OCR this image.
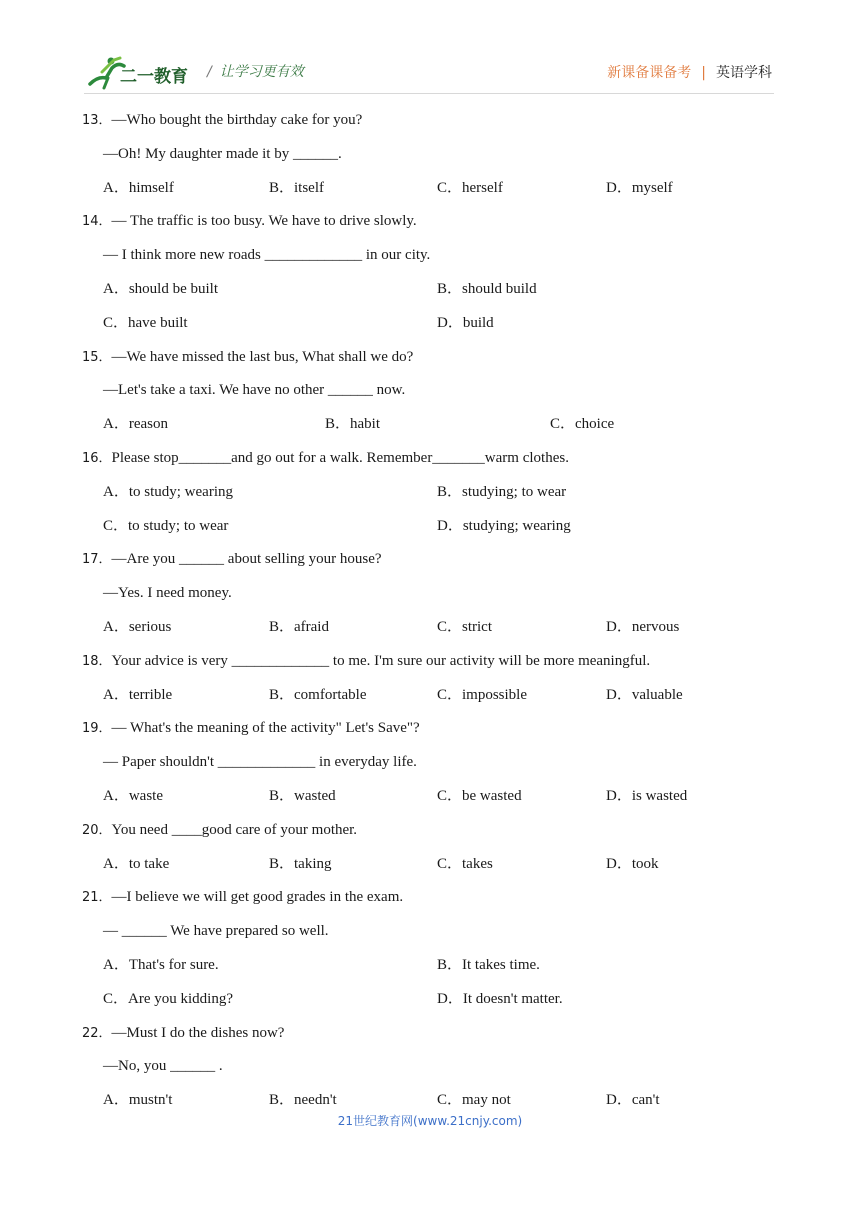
二一教育 / 让学习更有效	新课备课备考 | 英语学科
13．—Who bought the birthday cake for you?
—Oh! My daughter made it by ______.
A．himself	B．itself	C．herself	D．myself
14．— The traffic is too busy. We have to drive slowly.
— I think more new roads _____________ in our city.
A．should be built	B．should build
C．have built	D．build
15．—We have missed the last bus, What shall we do?
—Let's take a taxi. We have no other ______ now.
A．reason	B．habit	C．choice
16．Please stop_______and go out for a walk. Remember_______warm clothes.
A．to study; wearing	B．studying; to wear
C．to study; to wear	D．studying; wearing
17．—Are you ______ about selling your house?
—Yes. I need money.
A．serious	B．afraid	C．strict	D．nervous
18．Your advice is very _____________ to me. I'm sure our activity will be more meaningful.
A．terrible	B．comfortable	C．impossible	D．valuable
19．— What's the meaning of the activity" Let's Save"?
— Paper shouldn't _____________ in everyday life.
A．waste	B．wasted	C．be wasted	D．is wasted
20．You need ____good care of your mother.
A．to take	B．taking	C．takes	D．took
21．—I believe we will get good grades in the exam.
— ______ We have prepared so well.
A．That's for sure.	B．It takes time.
C．Are you kidding?	D．It doesn't matter.
22．—Must I do the dishes now?
—No, you ______ .
A．mustn't	B．needn't	C．may not	D．can't
21世纪教育网(www.21cnjy.com)
